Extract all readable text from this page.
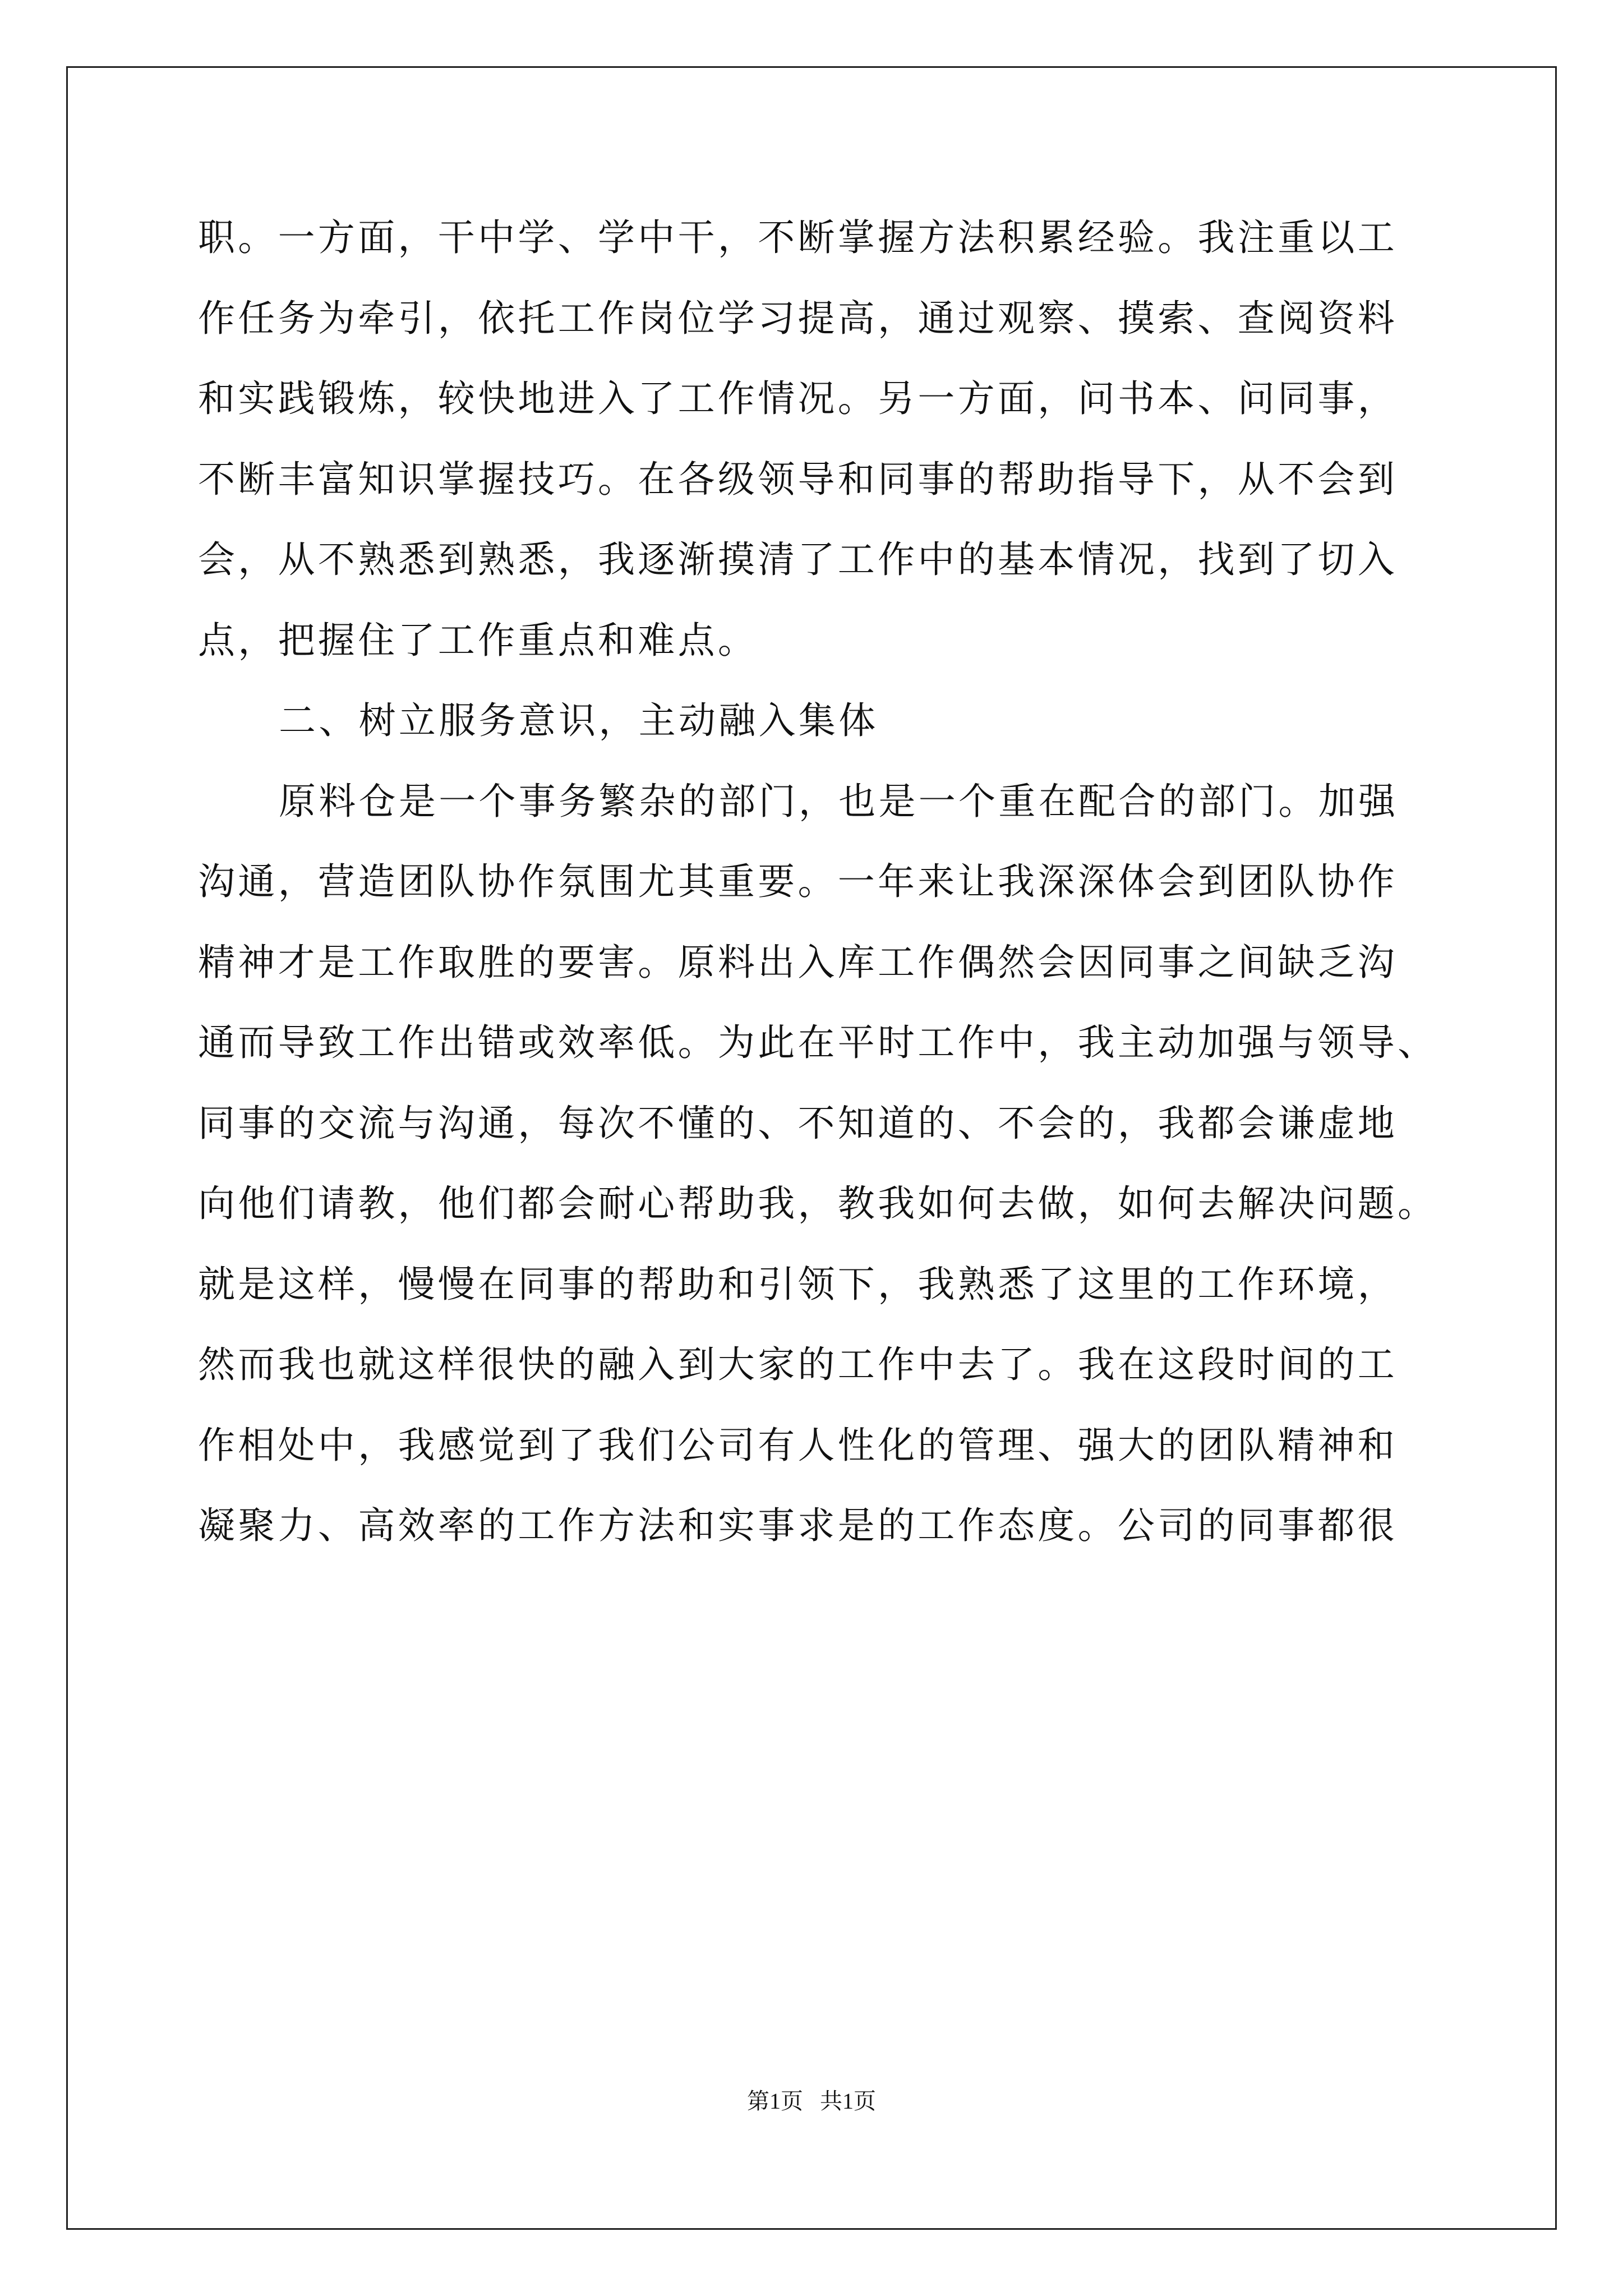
职。一方面，干中学、学中干，不断掌握方法积累经验。我注重以工
作任务为牵引，依托工作岗位学习提高，通过观察、摸索、查阅资料
和实践锻炼，较快地进入了工作情况。另一方面，问书本、问同事，
不断丰富知识掌握技巧。在各级领导和同事的帮助指导下，从不会到
会，从不熟悉到熟悉，我逐渐摸清了工作中的基本情况，找到了切入
点，把握住了工作重点和难点。
二、树立服务意识，主动融入集体
原料仓是一个事务繁杂的部门，也是一个重在配合的部门。加强
沟通，营造团队协作氛围尤其重要。一年来让我深深体会到团队协作
精神才是工作取胜的要害。原料出入库工作偶然会因同事之间缺乏沟
通而导致工作出错或效率低。为此在平时工作中，我主动加强与领导、
同事的交流与沟通，每次不懂的、不知道的、不会的，我都会谦虚地
向他们请教，他们都会耐心帮助我，教我如何去做，如何去解决问题。
就是这样，慢慢在同事的帮助和引领下，我熟悉了这里的工作环境，
然而我也就这样很快的融入到大家的工作中去了。我在这段时间的工
作相处中，我感觉到了我们公司有人性化的管理、强大的团队精神和
凝聚力、高效率的工作方法和实事求是的工作态度。公司的同事都很
第1页   共1页
